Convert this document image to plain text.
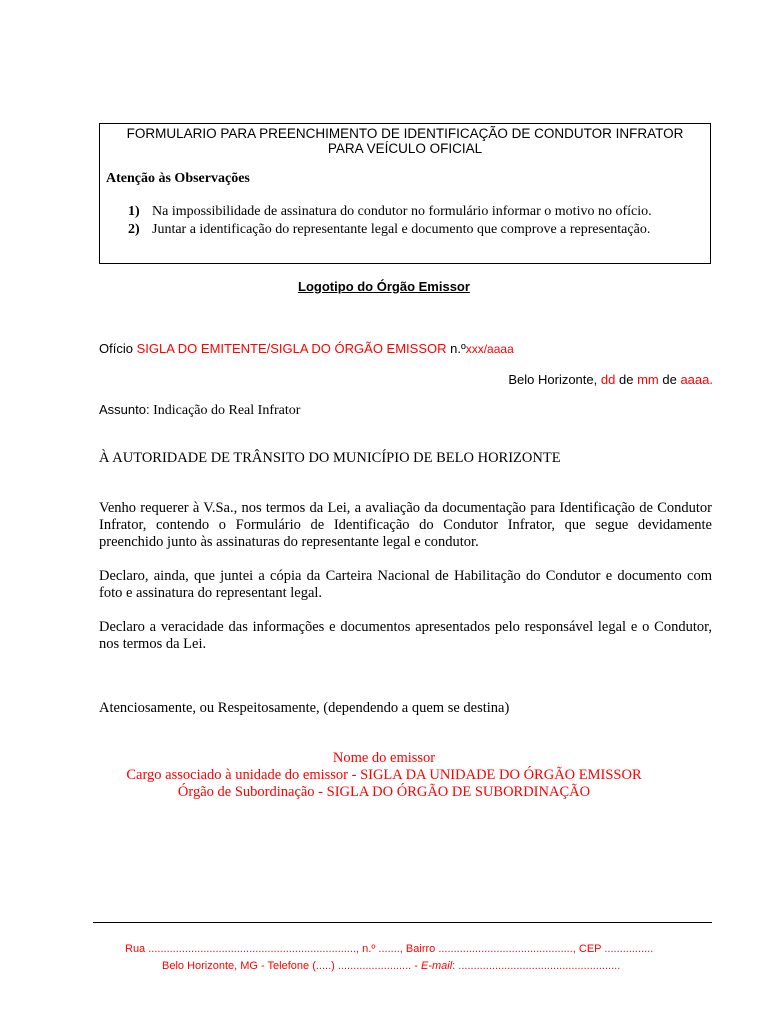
FORMULARIO PARA PREENCHIMENTO DE IDENTIFICAÇÃO DE CONDUTOR INFRATOR
PARA VEÍCULO OFICIAL
Atenção às Observações
1) Na impossibilidade de assinatura do condutor no formulário informar o motivo no ofício.
2) Juntar a identificação do representante legal e documento que comprove a representação.
Logotipo do Órgão Emissor
Ofício SIGLA DO EMITENTE/SIGLA DO ÓRGÃO EMISSOR n.ºxxx/aaaa
Belo Horizonte, dd de mm de aaaa.
Assunto: Indicação do Real Infrator
À AUTORIDADE DE TRÂNSITO DO MUNICÍPIO DE BELO HORIZONTE

Venho requerer à V.Sa., nos termos da Lei, a avaliação da documentação para Identificação de Condutor Infrator, contendo o Formulário de Identificação do Condutor Infrator, que segue devidamente preenchido junto às assinaturas do representante legal e condutor.

Declaro, ainda, que juntei a cópia da Carteira Nacional de Habilitação do Condutor e documento com foto e assinatura do representant legal.

Declaro a veracidade das informações e documentos apresentados pelo responsável legal e o Condutor, nos termos da Lei.

Atenciosamente, ou Respeitosamente, (dependendo a quem se destina)
Nome do emissor
Cargo associado à unidade do emissor - SIGLA DA UNIDADE DO ÓRGÃO EMISSOR
Órgão de Subordinação - SIGLA DO ÓRGÃO DE SUBORDINAÇÃO
Rua ...................................................................., n.º ......., Bairro ............................................, CEP ................
Belo Horizonte, MG - Telefone (.....) ........................ - E-mail: .....................................................
